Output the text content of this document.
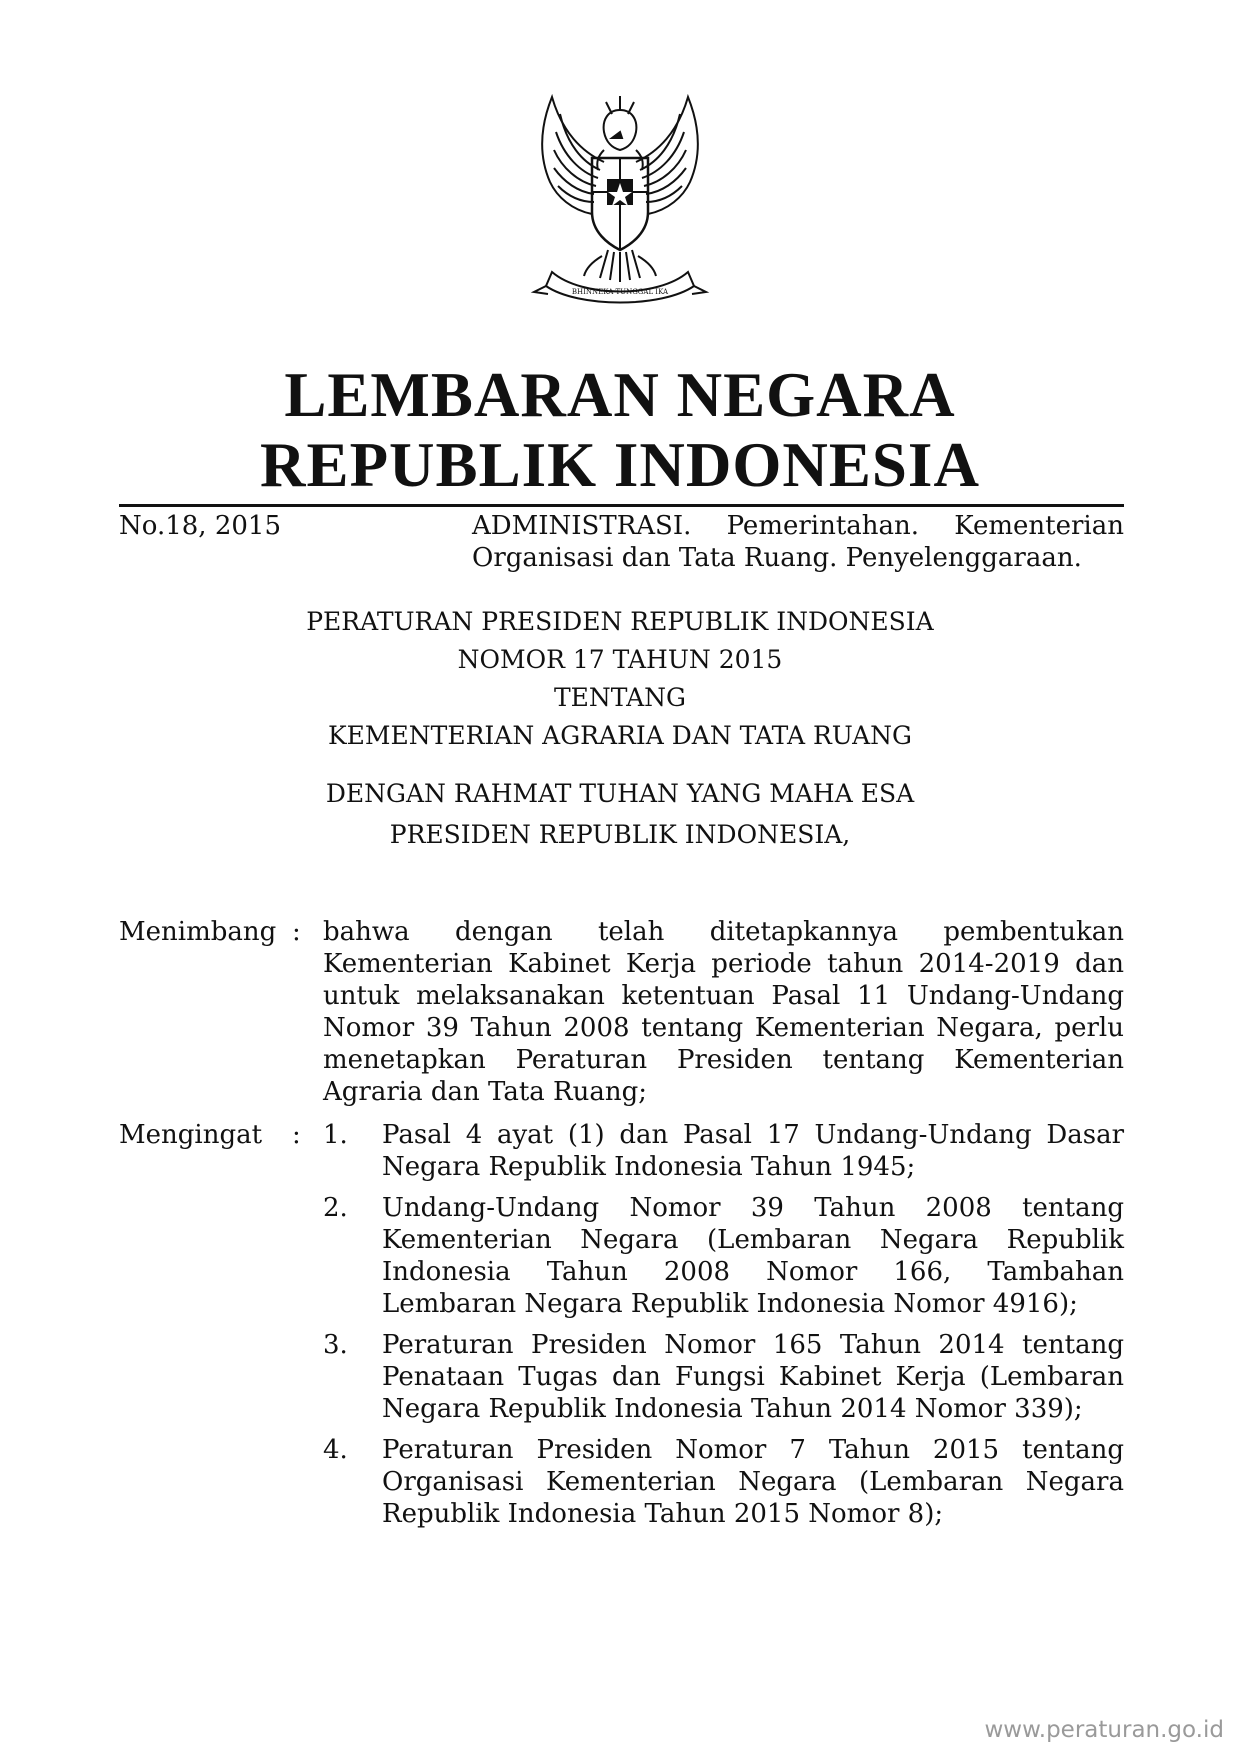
BHINNEKA TUNGGAL IKA
LEMBARAN NEGARA
REPUBLIK INDONESIA
No.18, 2015	ADMINISTRASI. Pemerintahan. Kementerian
Organisasi dan Tata Ruang. Penyelenggaraan.
PERATURAN PRESIDEN REPUBLIK INDONESIA
NOMOR 17 TAHUN 2015
TENTANG
KEMENTERIAN AGRARIA DAN TATA RUANG
DENGAN RAHMAT TUHAN YANG MAHA ESA
PRESIDEN REPUBLIK INDONESIA,
Menimbang : bahwa dengan telah ditetapkannya pembentukan
Kementerian Kabinet Kerja periode tahun 2014-2019 dan
untuk melaksanakan ketentuan Pasal 11 Undang-Undang
Nomor 39 Tahun 2008 tentang Kementerian Negara, perlu
menetapkan Peraturan Presiden tentang Kementerian
Agraria dan Tata Ruang;
Mengingat : 1. Pasal 4 ayat (1) dan Pasal 17 Undang-Undang Dasar
Negara Republik Indonesia Tahun 1945;
2. Undang-Undang Nomor 39 Tahun 2008 tentang
Kementerian Negara (Lembaran Negara Republik
Indonesia Tahun 2008 Nomor 166, Tambahan
Lembaran Negara Republik Indonesia Nomor 4916);
3. Peraturan Presiden Nomor 165 Tahun 2014 tentang
Penataan Tugas dan Fungsi Kabinet Kerja (Lembaran
Negara Republik Indonesia Tahun 2014 Nomor 339);
4. Peraturan Presiden Nomor 7 Tahun 2015 tentang
Organisasi Kementerian Negara (Lembaran Negara
Republik Indonesia Tahun 2015 Nomor 8);
www.peraturan.go.id
